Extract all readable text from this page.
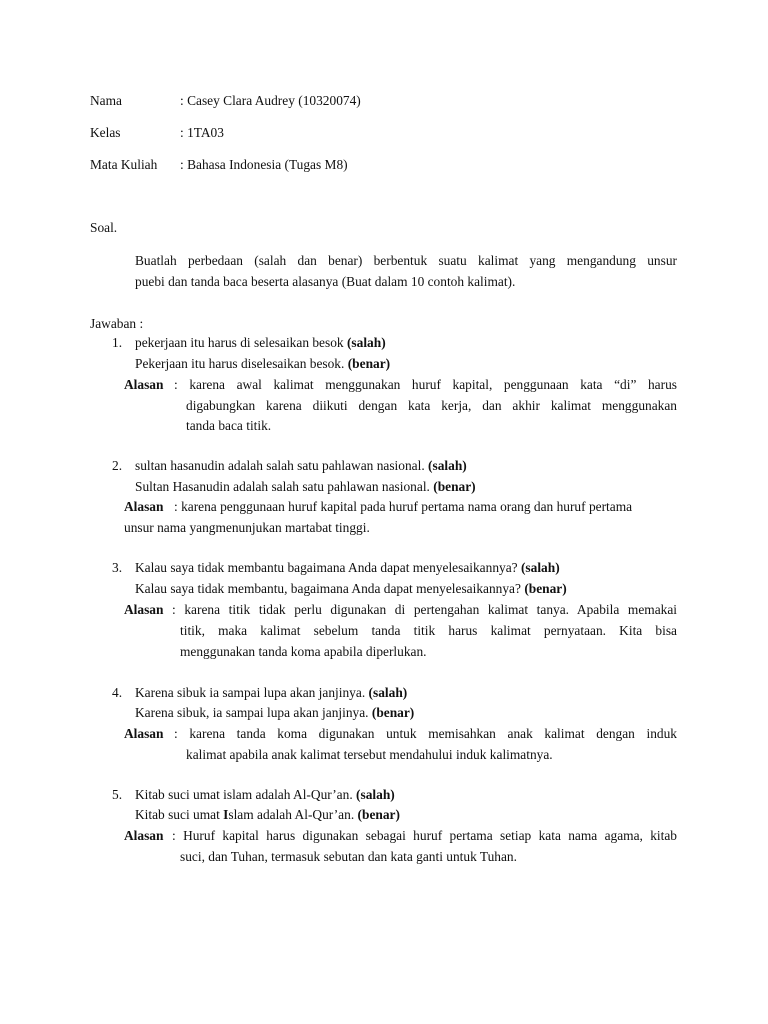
Nama	: Casey Clara Audrey (10320074)
Kelas	: 1TA03
Mata Kuliah : Bahasa Indonesia (Tugas M8)
Soal.
Buatlah perbedaan (salah dan benar) berbentuk suatu kalimat yang mengandung unsur
puebi dan tanda baca beserta alasanya (Buat dalam 10 contoh kalimat).
Jawaban :
1. pekerjaan itu harus di selesaikan besok (salah)
Pekerjaan itu harus diselesaikan besok. (benar)
Alasan : karena awal kalimat menggunakan huruf kapital, penggunaan kata “di” harus
digabungkan karena diikuti dengan kata kerja, dan akhir kalimat menggunakan
tanda baca titik.
2. sultan hasanudin adalah salah satu pahlawan nasional. (salah)
Sultan Hasanudin adalah salah satu pahlawan nasional. (benar)
Alasan : karena penggunaan huruf kapital pada huruf pertama nama orang dan huruf pertama
unsur nama yangmenunjukan martabat tinggi.
3. Kalau saya tidak membantu bagaimana Anda dapat menyelesaikannya? (salah)
Kalau saya tidak membantu, bagaimana Anda dapat menyelesaikannya? (benar)
Alasan : karena titik tidak perlu digunakan di pertengahan kalimat tanya. Apabila memakai
titik, maka kalimat sebelum tanda titik harus kalimat pernyataan. Kita bisa
menggunakan tanda koma apabila diperlukan.
4. Karena sibuk ia sampai lupa akan janjinya. (salah)
Karena sibuk, ia sampai lupa akan janjinya. (benar)
Alasan : karena tanda koma digunakan untuk memisahkan anak kalimat dengan induk
kalimat apabila anak kalimat tersebut mendahului induk kalimatnya.
5. Kitab suci umat islam adalah Al-Qur’an. (salah)
Kitab suci umat Islam adalah Al-Qur’an. (benar)
Alasan : Huruf kapital harus digunakan sebagai huruf pertama setiap kata nama agama, kitab
suci, dan Tuhan, termasuk sebutan dan kata ganti untuk Tuhan.
